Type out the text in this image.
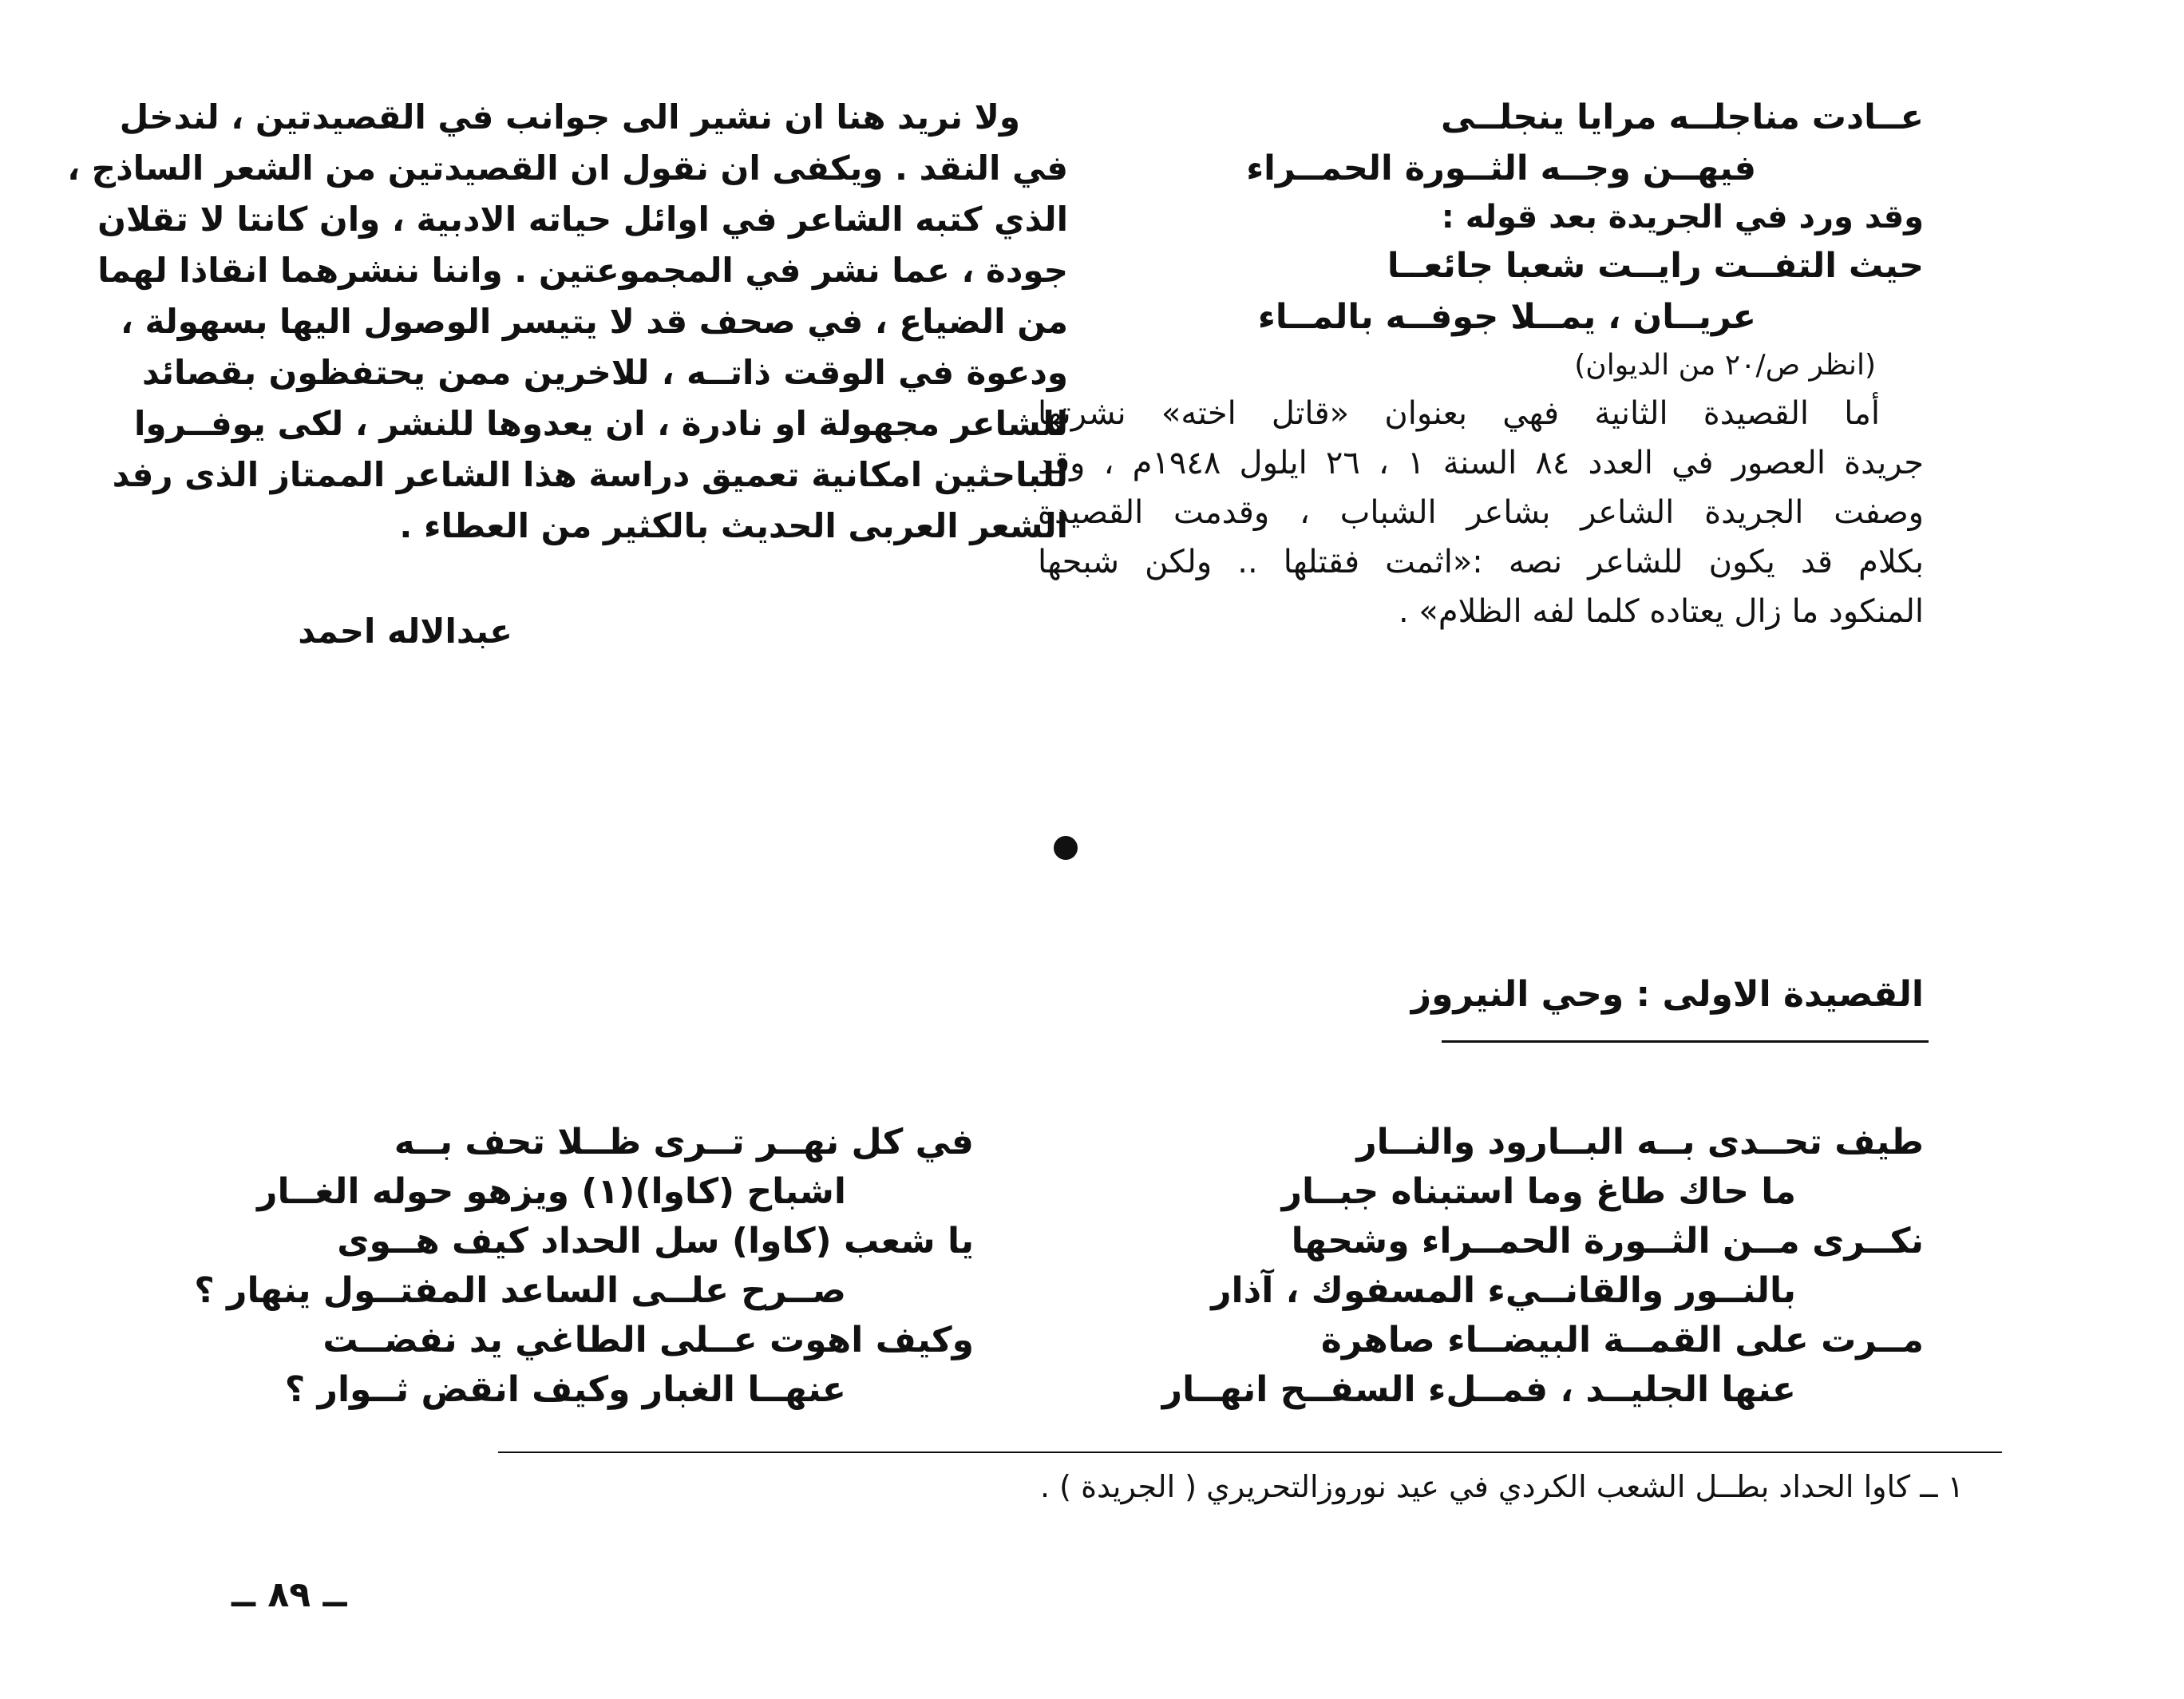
عــادت مناجلــه مرايا ينجلــى
فيهــن وجــه الثــورة الحمــراء
وقد ورد في الجريدة بعد قوله :
حيث التفــت رايــت شعبا جائعــا
عريــان ، يمــلا جوفــه بالمــاء
(انظر ص/٢٠ من الديوان)
أما القصيدة الثانية فهي بعنوان «قاتل اخته» نشرتها
جريدة العصور في العدد ٨٤ السنة ١ ، ٢٦ ايلول ١٩٤٨م ، وقد
وصفت الجريدة الشاعر بشاعر الشباب ، وقدمت القصيدة
بكلام قد يكون للشاعر نصه :«اثمت فقتلها .. ولكن شبحها
المنكود ما زال يعتاده كلما لفه الظلام» .
ولا نريد هنا ان نشير الى جوانب في القصيدتين ، لندخل
في النقد . ويكفى ان نقول ان القصيدتين من الشعر الساذج ،
الذي كتبه الشاعر في اوائل حياته الادبية ، وان كانتا لا تقلان
جودة ، عما نشر في المجموعتين . واننا ننشرهما انقاذا لهما
من الضياع ، في صحف قد لا يتيسر الوصول اليها بسهولة ،
ودعوة في الوقت ذاتــه ، للاخرين ممن يحتفظون بقصائد
للشاعر مجهولة او نادرة ، ان يعدوها للنشر ، لكى يوفــروا
للباحثين امكانية تعميق دراسة هذا الشاعر الممتاز الذى رفد
الشعر العربى الحديث بالكثير من العطاء .
عبدالاله احمد
القصيدة الاولى : وحي النيروز
طيف تحــدى بــه البــارود والنــار
ما حاك طاغ وما استبناه جبــار
نكــرى مــن الثــورة الحمــراء وشحها
بالنــور والقانــيء المسفوك ، آذار
مــرت على القمــة البيضــاء صاهرة
عنها الجليــد ، فمــلء السفــح انهــار
في كل نهــر تــرى ظــلا تحف بــه
اشباح (كاوا)(١) ويزهو حوله الغــار
يا شعب (كاوا) سل الحداد كيف هــوى
صــرح علــى الساعد المفتــول ينهار ؟
وكيف اهوت عــلى الطاغي يد نفضــت
عنهــا الغبار وكيف انقض ثــوار ؟
١ ــ كاوا الحداد بطــل الشعب الكردي في عيد نوروزالتحريري ( الجريدة ) .
ــ ٨٩ ــ
